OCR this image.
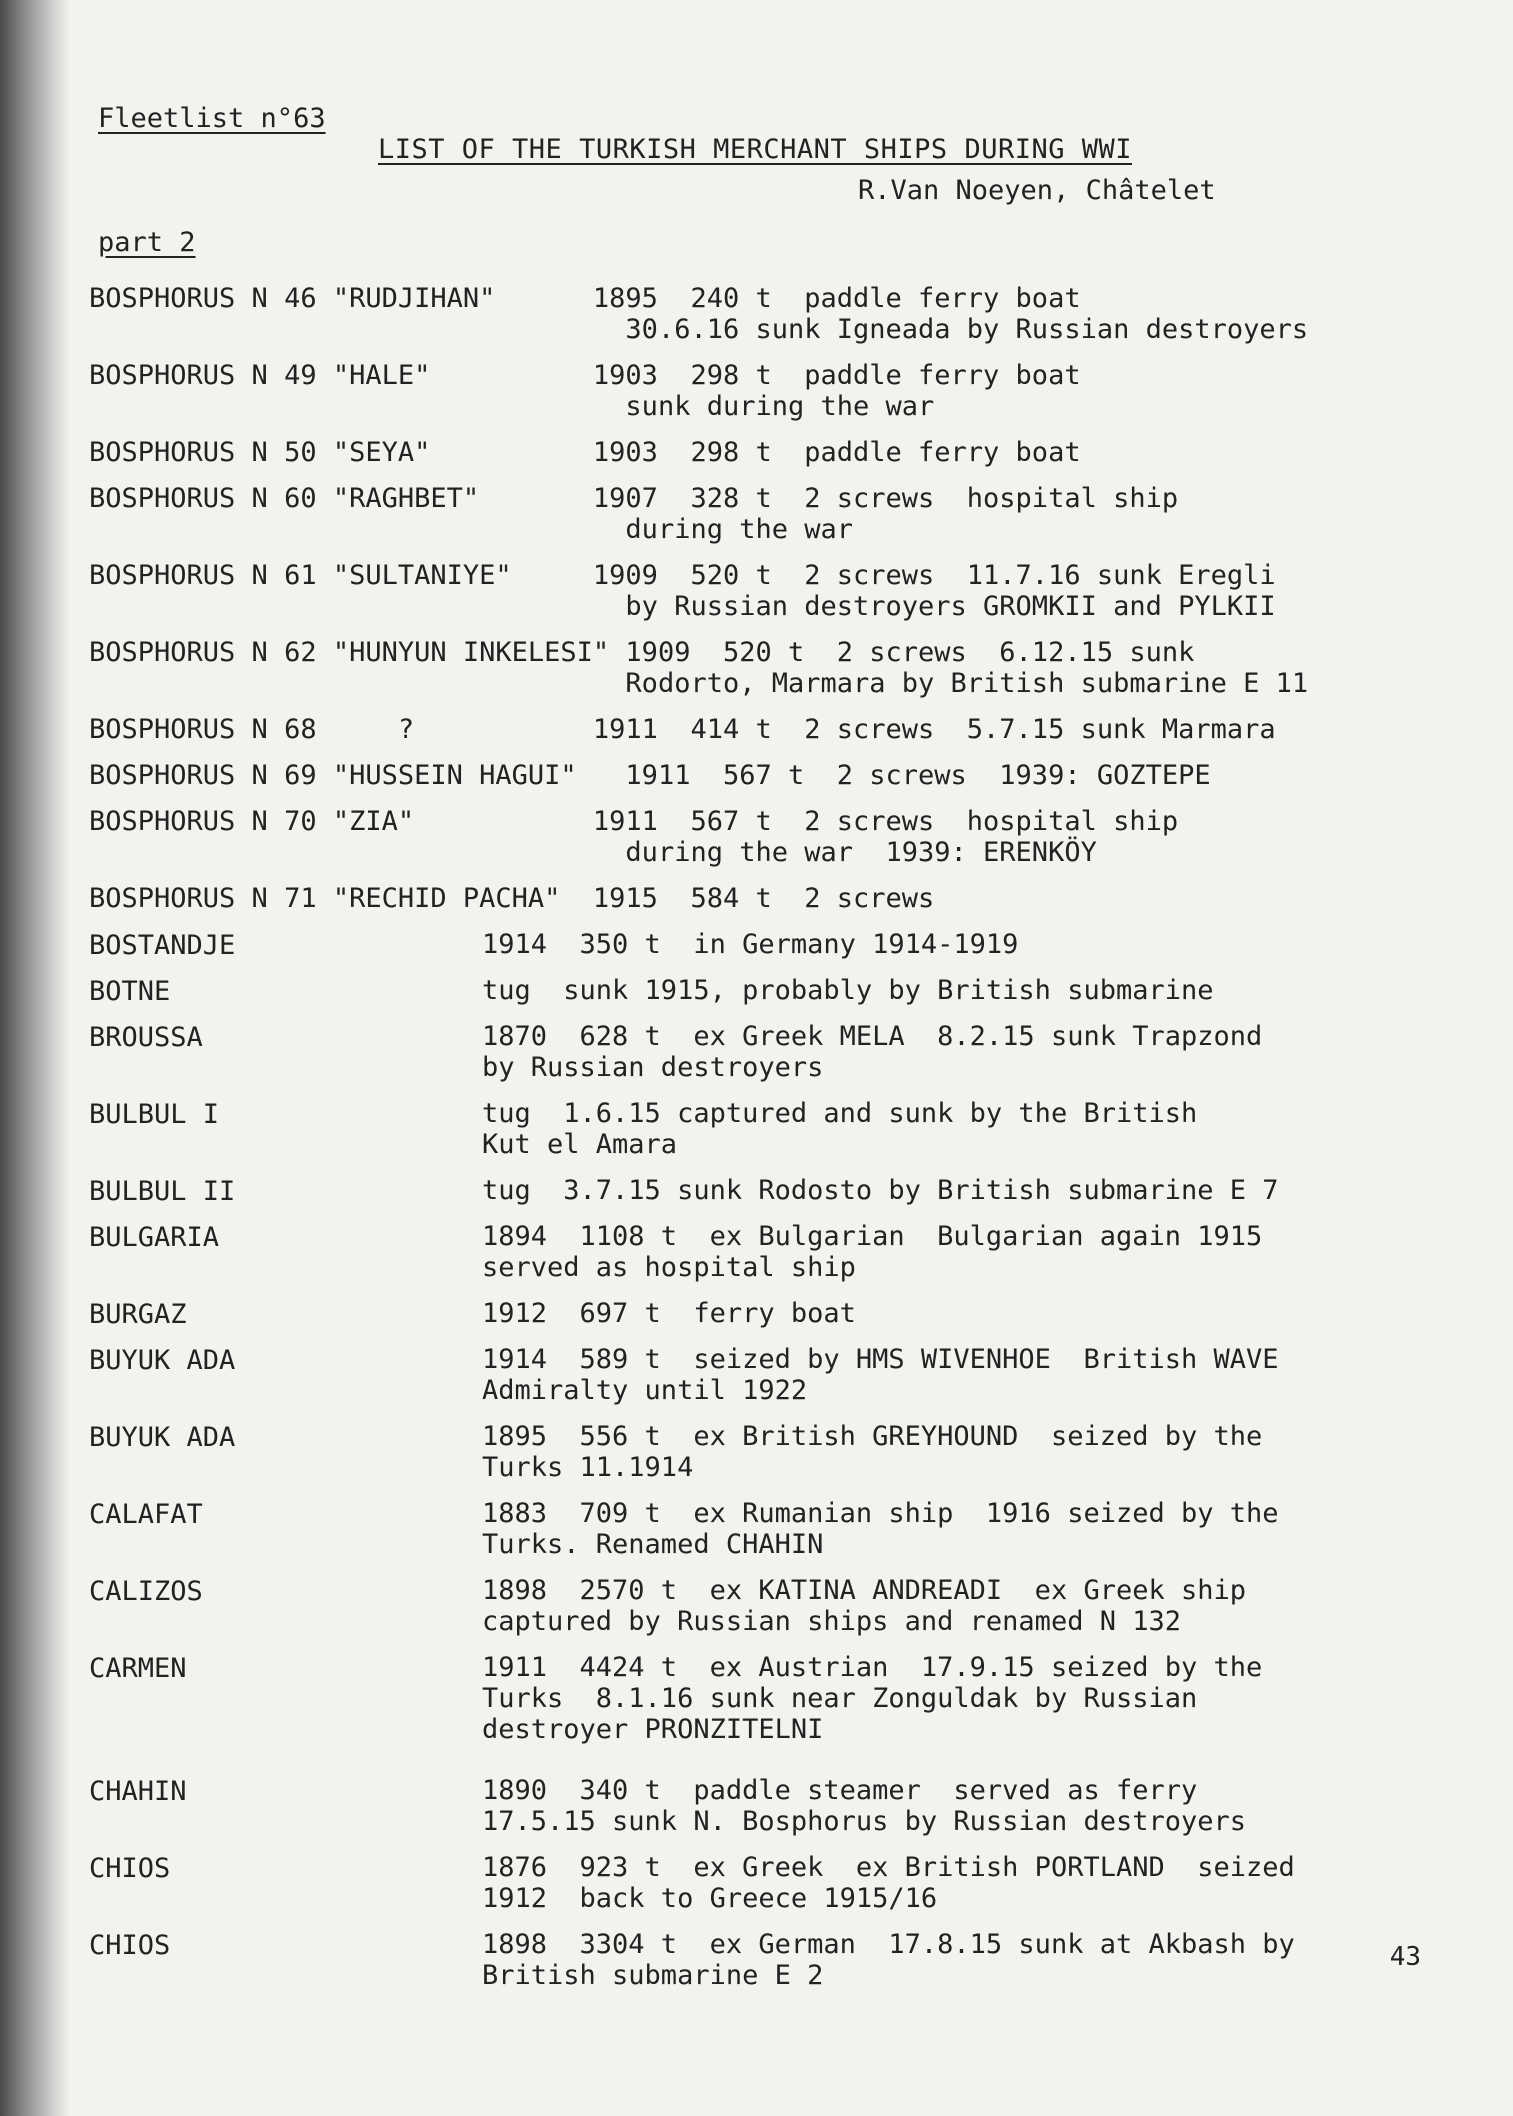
Fleetlist n°63
LIST OF THE TURKISH MERCHANT SHIPS DURING WWI
R.Van Noeyen, Châtelet
part 2
BOSPHORUS N 46 "RUDJIHAN"      1895  240 t  paddle ferry boat
30.6.16 sunk Igneada by Russian destroyers
BOSPHORUS N 49 "HALE"          1903  298 t  paddle ferry boat
sunk during the war
BOSPHORUS N 50 "SEYA"          1903  298 t  paddle ferry boat
BOSPHORUS N 60 "RAGHBET"       1907  328 t  2 screws  hospital ship
during the war
BOSPHORUS N 61 "SULTANIYE"     1909  520 t  2 screws  11.7.16 sunk Eregli
by Russian destroyers GROMKII and PYLKII
BOSPHORUS N 62 "HUNYUN INKELESI" 1909  520 t  2 screws  6.12.15 sunk
Rodorto, Marmara by British submarine E 11
BOSPHORUS N 68     ?           1911  414 t  2 screws  5.7.15 sunk Marmara
BOSPHORUS N 69 "HUSSEIN HAGUI"   1911  567 t  2 screws  1939: GOZTEPE
BOSPHORUS N 70 "ZIA"           1911  567 t  2 screws  hospital ship
during the war  1939: ERENKÖY
BOSPHORUS N 71 "RECHID PACHA"  1915  584 t  2 screws
BOSTANDJE	1914  350 t  in Germany 1914-1919
BOTNE	tug  sunk 1915, probably by British submarine
BROUSSA	1870  628 t  ex Greek MELA  8.2.15 sunk Trapzond
by Russian destroyers
BULBUL I	tug  1.6.15 captured and sunk by the British
Kut el Amara
BULBUL II	tug  3.7.15 sunk Rodosto by British submarine E 7
BULGARIA	1894  1108 t  ex Bulgarian  Bulgarian again 1915
served as hospital ship
BURGAZ	1912  697 t  ferry boat
BUYUK ADA	1914  589 t  seized by HMS WIVENHOE  British WAVE
Admiralty until 1922
BUYUK ADA	1895  556 t  ex British GREYHOUND  seized by the
Turks 11.1914
CALAFAT	1883  709 t  ex Rumanian ship  1916 seized by the
Turks. Renamed CHAHIN
CALIZOS	1898  2570 t  ex KATINA ANDREADI  ex Greek ship
captured by Russian ships and renamed N 132
CARMEN	1911  4424 t  ex Austrian  17.9.15 seized by the
Turks  8.1.16 sunk near Zonguldak by Russian
destroyer PRONZITELNI
CHAHIN	1890  340 t  paddle steamer  served as ferry
17.5.15 sunk N. Bosphorus by Russian destroyers
CHIOS	1876  923 t  ex Greek  ex British PORTLAND  seized
1912  back to Greece 1915/16
CHIOS	1898  3304 t  ex German  17.8.15 sunk at Akbash by
British submarine E 2
43
